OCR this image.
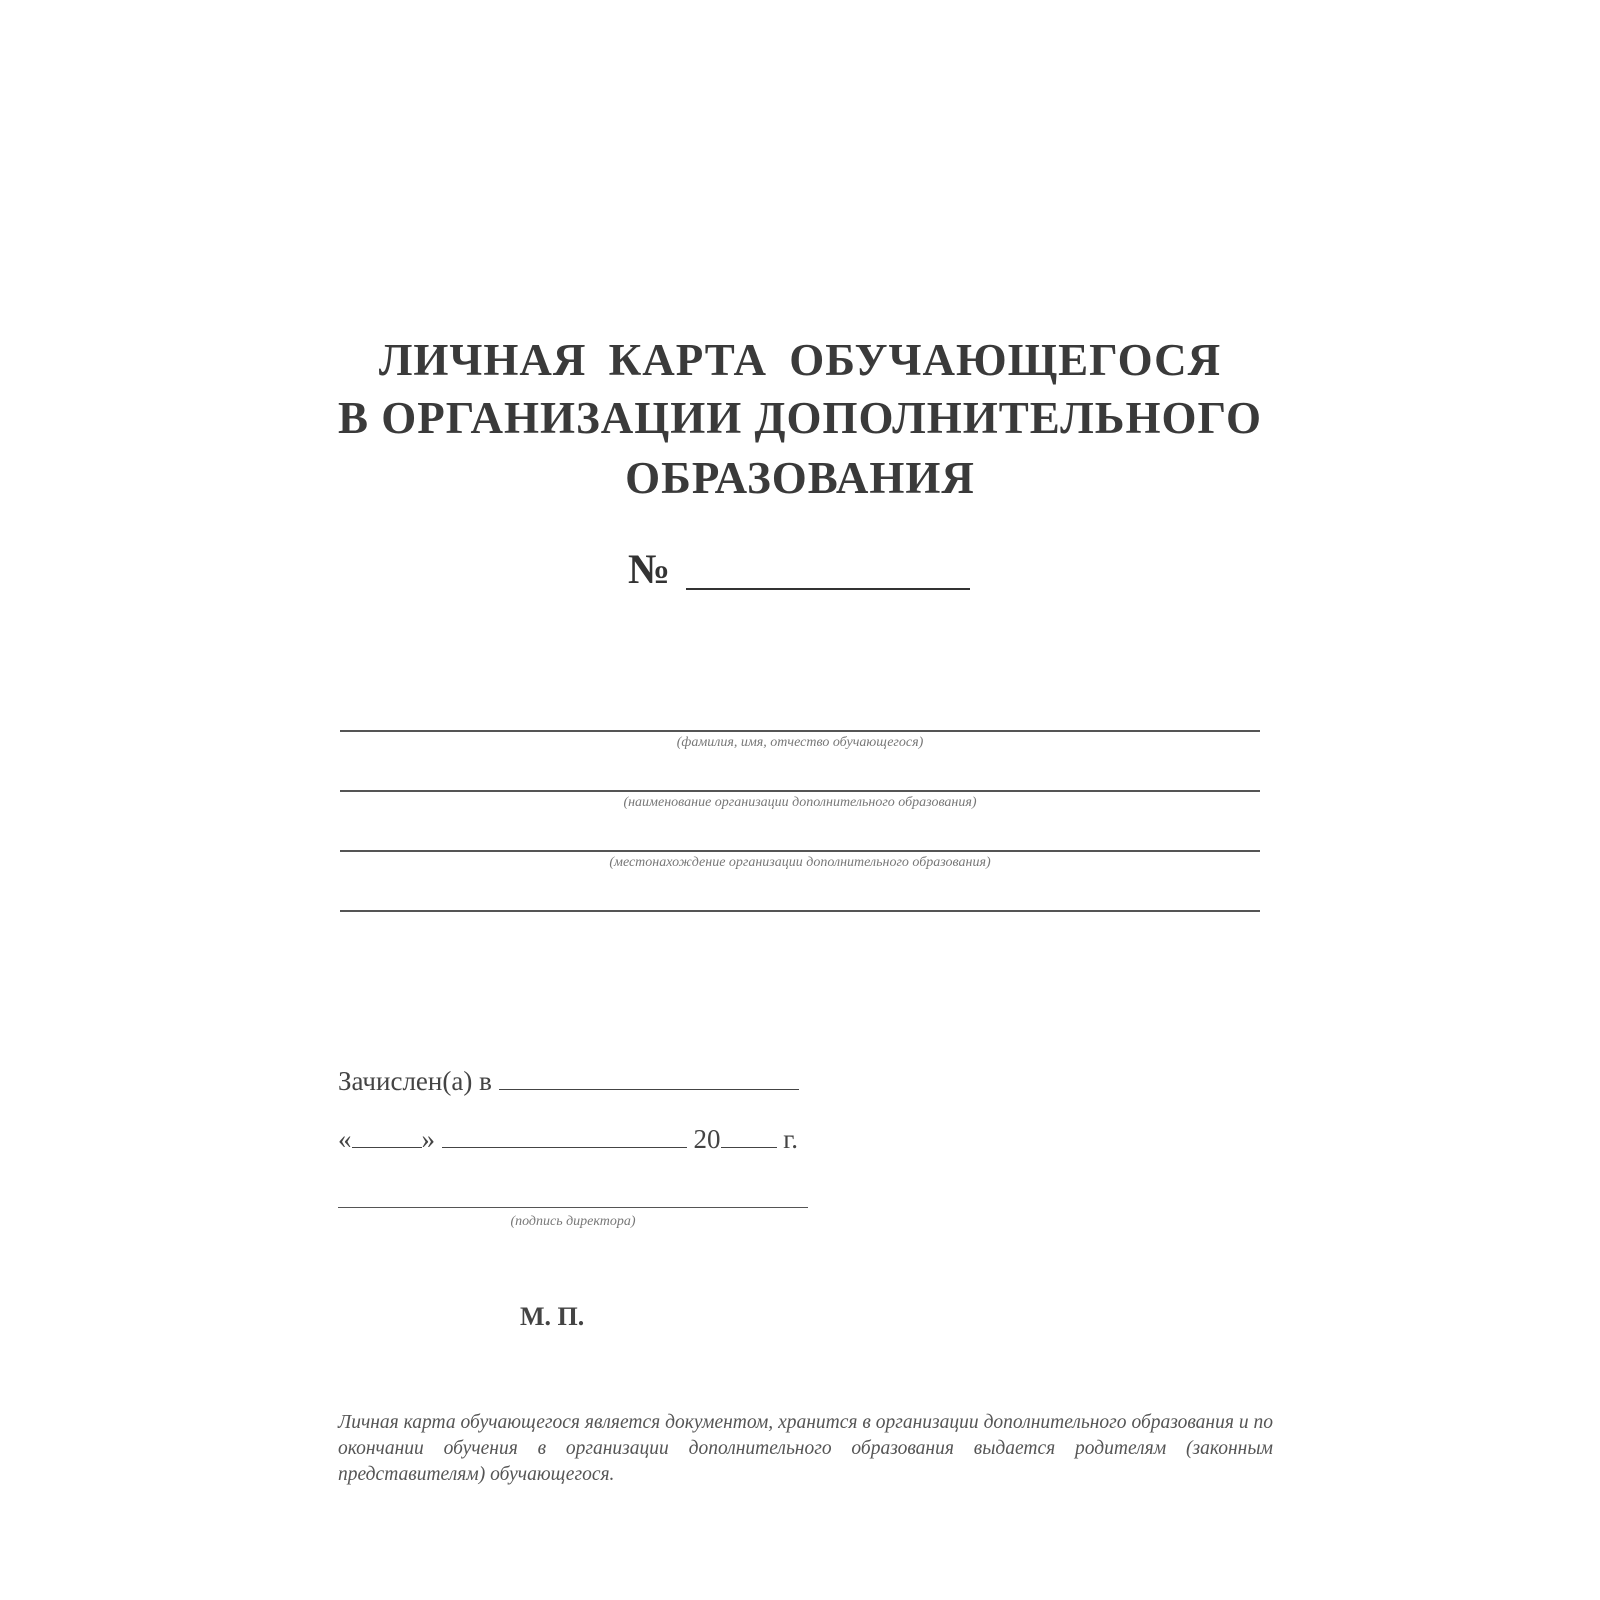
ЛИЧНАЯ КАРТА ОБУЧАЮЩЕГОСЯ
В ОРГАНИЗАЦИИ ДОПОЛНИТЕЛЬНОГО
ОБРАЗОВАНИЯ
№
(фамилия, имя, отчество обучающегося)
(наименование организации дополнительного образования)
(местонахождение организации дополнительного образования)
Зачислен(а) в
«	»	20 г.
(подпись директора)
М. П.
Личная карта обучающегося является документом, хранится в организации дополнительного образования и по окончании обучения в организации дополнительного образования выдается родителям (законным представителям) обучающегося.
